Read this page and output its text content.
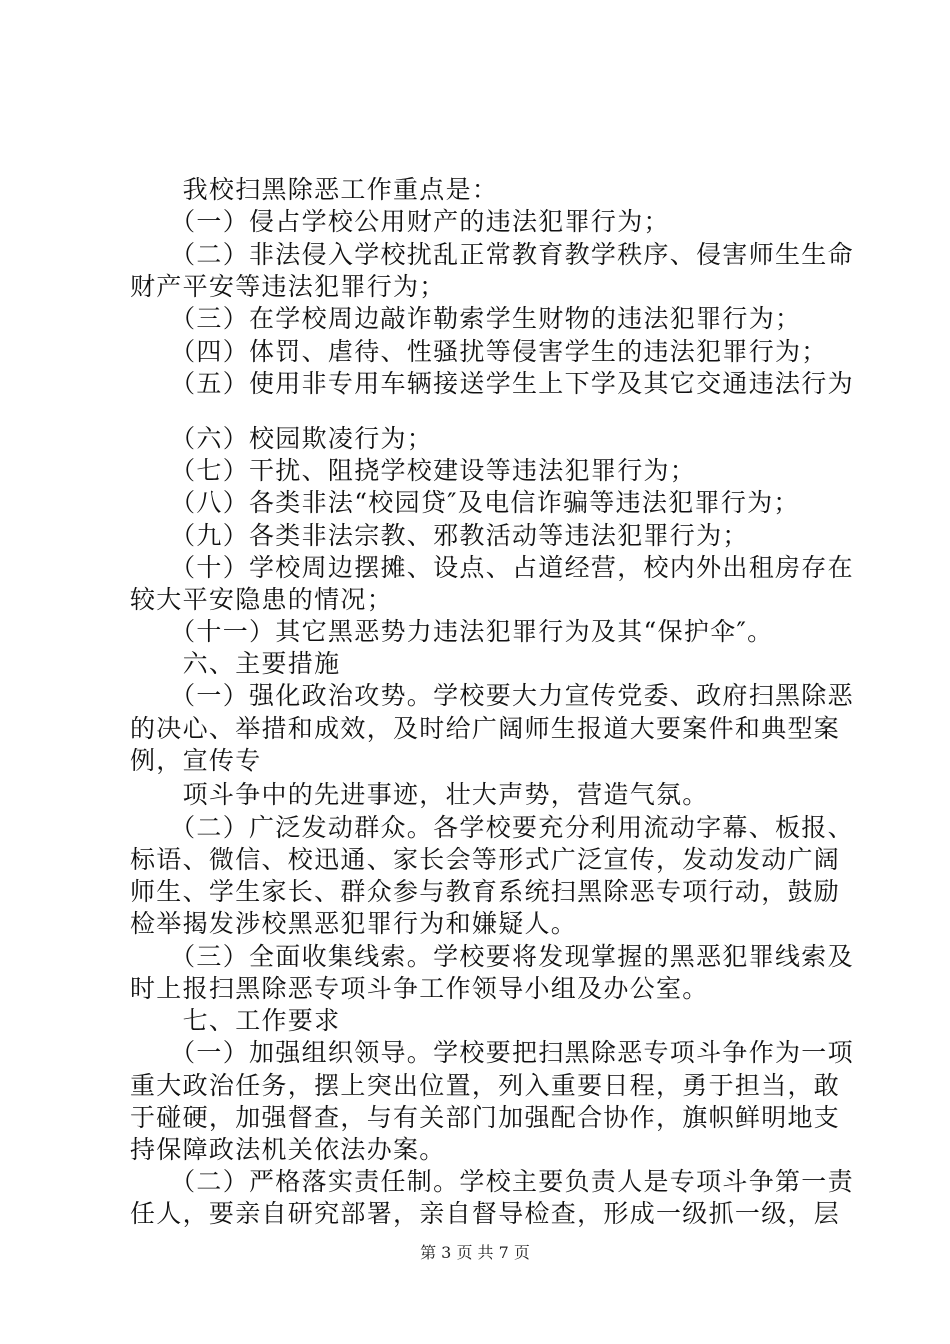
　　我校扫黑除恶工作重点是：
　　（一）侵占学校公用财产的违法犯罪行为；
　　（二）非法侵入学校扰乱正常教育教学秩序、侵害师生生命
财产平安等违法犯罪行为；
　　（三）在学校周边敲诈勒索学生财物的违法犯罪行为；
　　（四）体罚、虐待、性骚扰等侵害学生的违法犯罪行为；
　　（五）使用非专用车辆接送学生上下学及其它交通违法行为
　　（六）校园欺凌行为；
　　（七）干扰、阻挠学校建设等违法犯罪行为；
　　（八）各类非法“校园贷″及电信诈骗等违法犯罪行为；
　　（九）各类非法宗教、邪教活动等违法犯罪行为；
　　（十）学校周边摆摊、设点、占道经营，校内外出租房存在
较大平安隐患的情况；
　　（十一）其它黑恶势力违法犯罪行为及其“保护伞″。
　　六、主要措施
　　（一）强化政治攻势。学校要大力宣传党委、政府扫黑除恶
的决心、举措和成效，及时给广阔师生报道大要案件和典型案
例，宣传专
　　项斗争中的先进事迹，壮大声势，营造气氛。
　　（二）广泛发动群众。各学校要充分利用流动字幕、板报、
标语、微信、校迅通、家长会等形式广泛宣传，发动发动广阔
师生、学生家长、群众参与教育系统扫黑除恶专项行动，鼓励
检举揭发涉校黑恶犯罪行为和嫌疑人。
　　（三）全面收集线索。学校要将发现掌握的黑恶犯罪线索及
时上报扫黑除恶专项斗争工作领导小组及办公室。
　　七、工作要求
　　（一）加强组织领导。学校要把扫黑除恶专项斗争作为一项
重大政治任务，摆上突出位置，列入重要日程，勇于担当，敢
于碰硬，加强督查，与有关部门加强配合协作，旗帜鲜明地支
持保障政法机关依法办案。
　　（二）严格落实责任制。学校主要负责人是专项斗争第一责
任人，要亲自研究部署，亲自督导检查，形成一级抓一级，层
第 3 页 共 7 页
